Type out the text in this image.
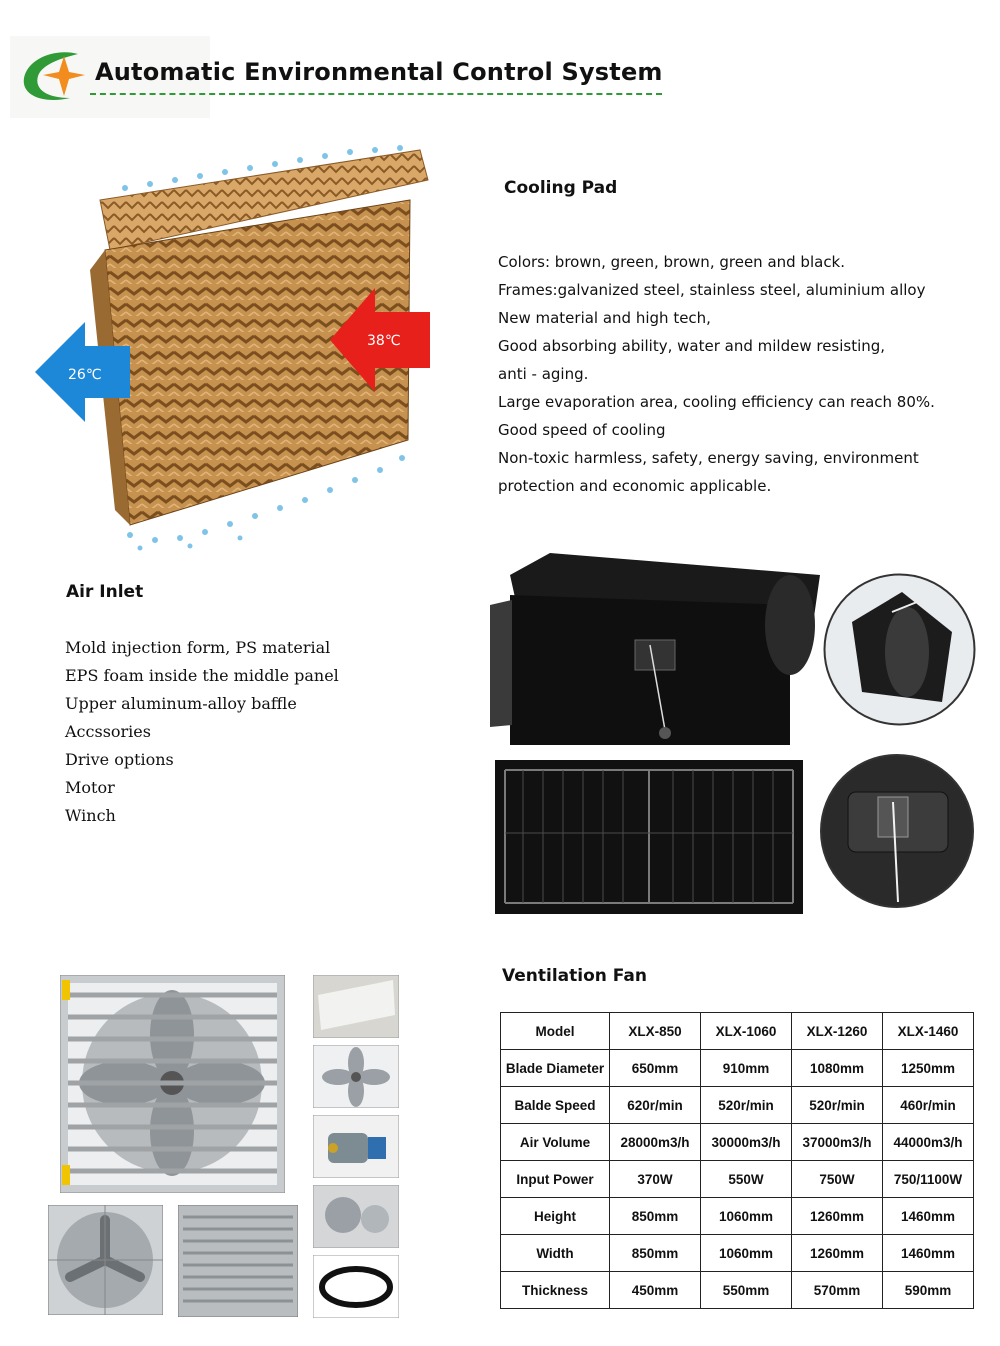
Automatic Environmental Control System
38℃
26℃
Cooling Pad
Colors: brown, green, brown, green and black.
Frames:galvanized steel, stainless steel, aluminium alloy
New material and high tech,
Good absorbing ability, water and mildew resisting,
anti - aging.
Large evaporation area, cooling efficiency can reach 80%.
Good speed of cooling
Non-toxic harmless, safety, energy saving, environment
protection and economic applicable.
Air Inlet
Mold injection form, PS material
EPS foam inside the middle panel
Upper aluminum-alloy baffle
Accssories
Drive options
Motor
Winch
Ventilation Fan
Model	XLX-850	XLX-1060	XLX-1260	XLX-1460
Blade Diameter	650mm	910mm	1080mm	1250mm
Balde Speed	620r/min	520r/min	520r/min	460r/min
Air Volume	28000m3/h	30000m3/h	37000m3/h	44000m3/h
Input Power	370W	550W	750W	750/1100W
Height	850mm	1060mm	1260mm	1460mm
Width	850mm	1060mm	1260mm	1460mm
Thickness	450mm	550mm	570mm	590mm
